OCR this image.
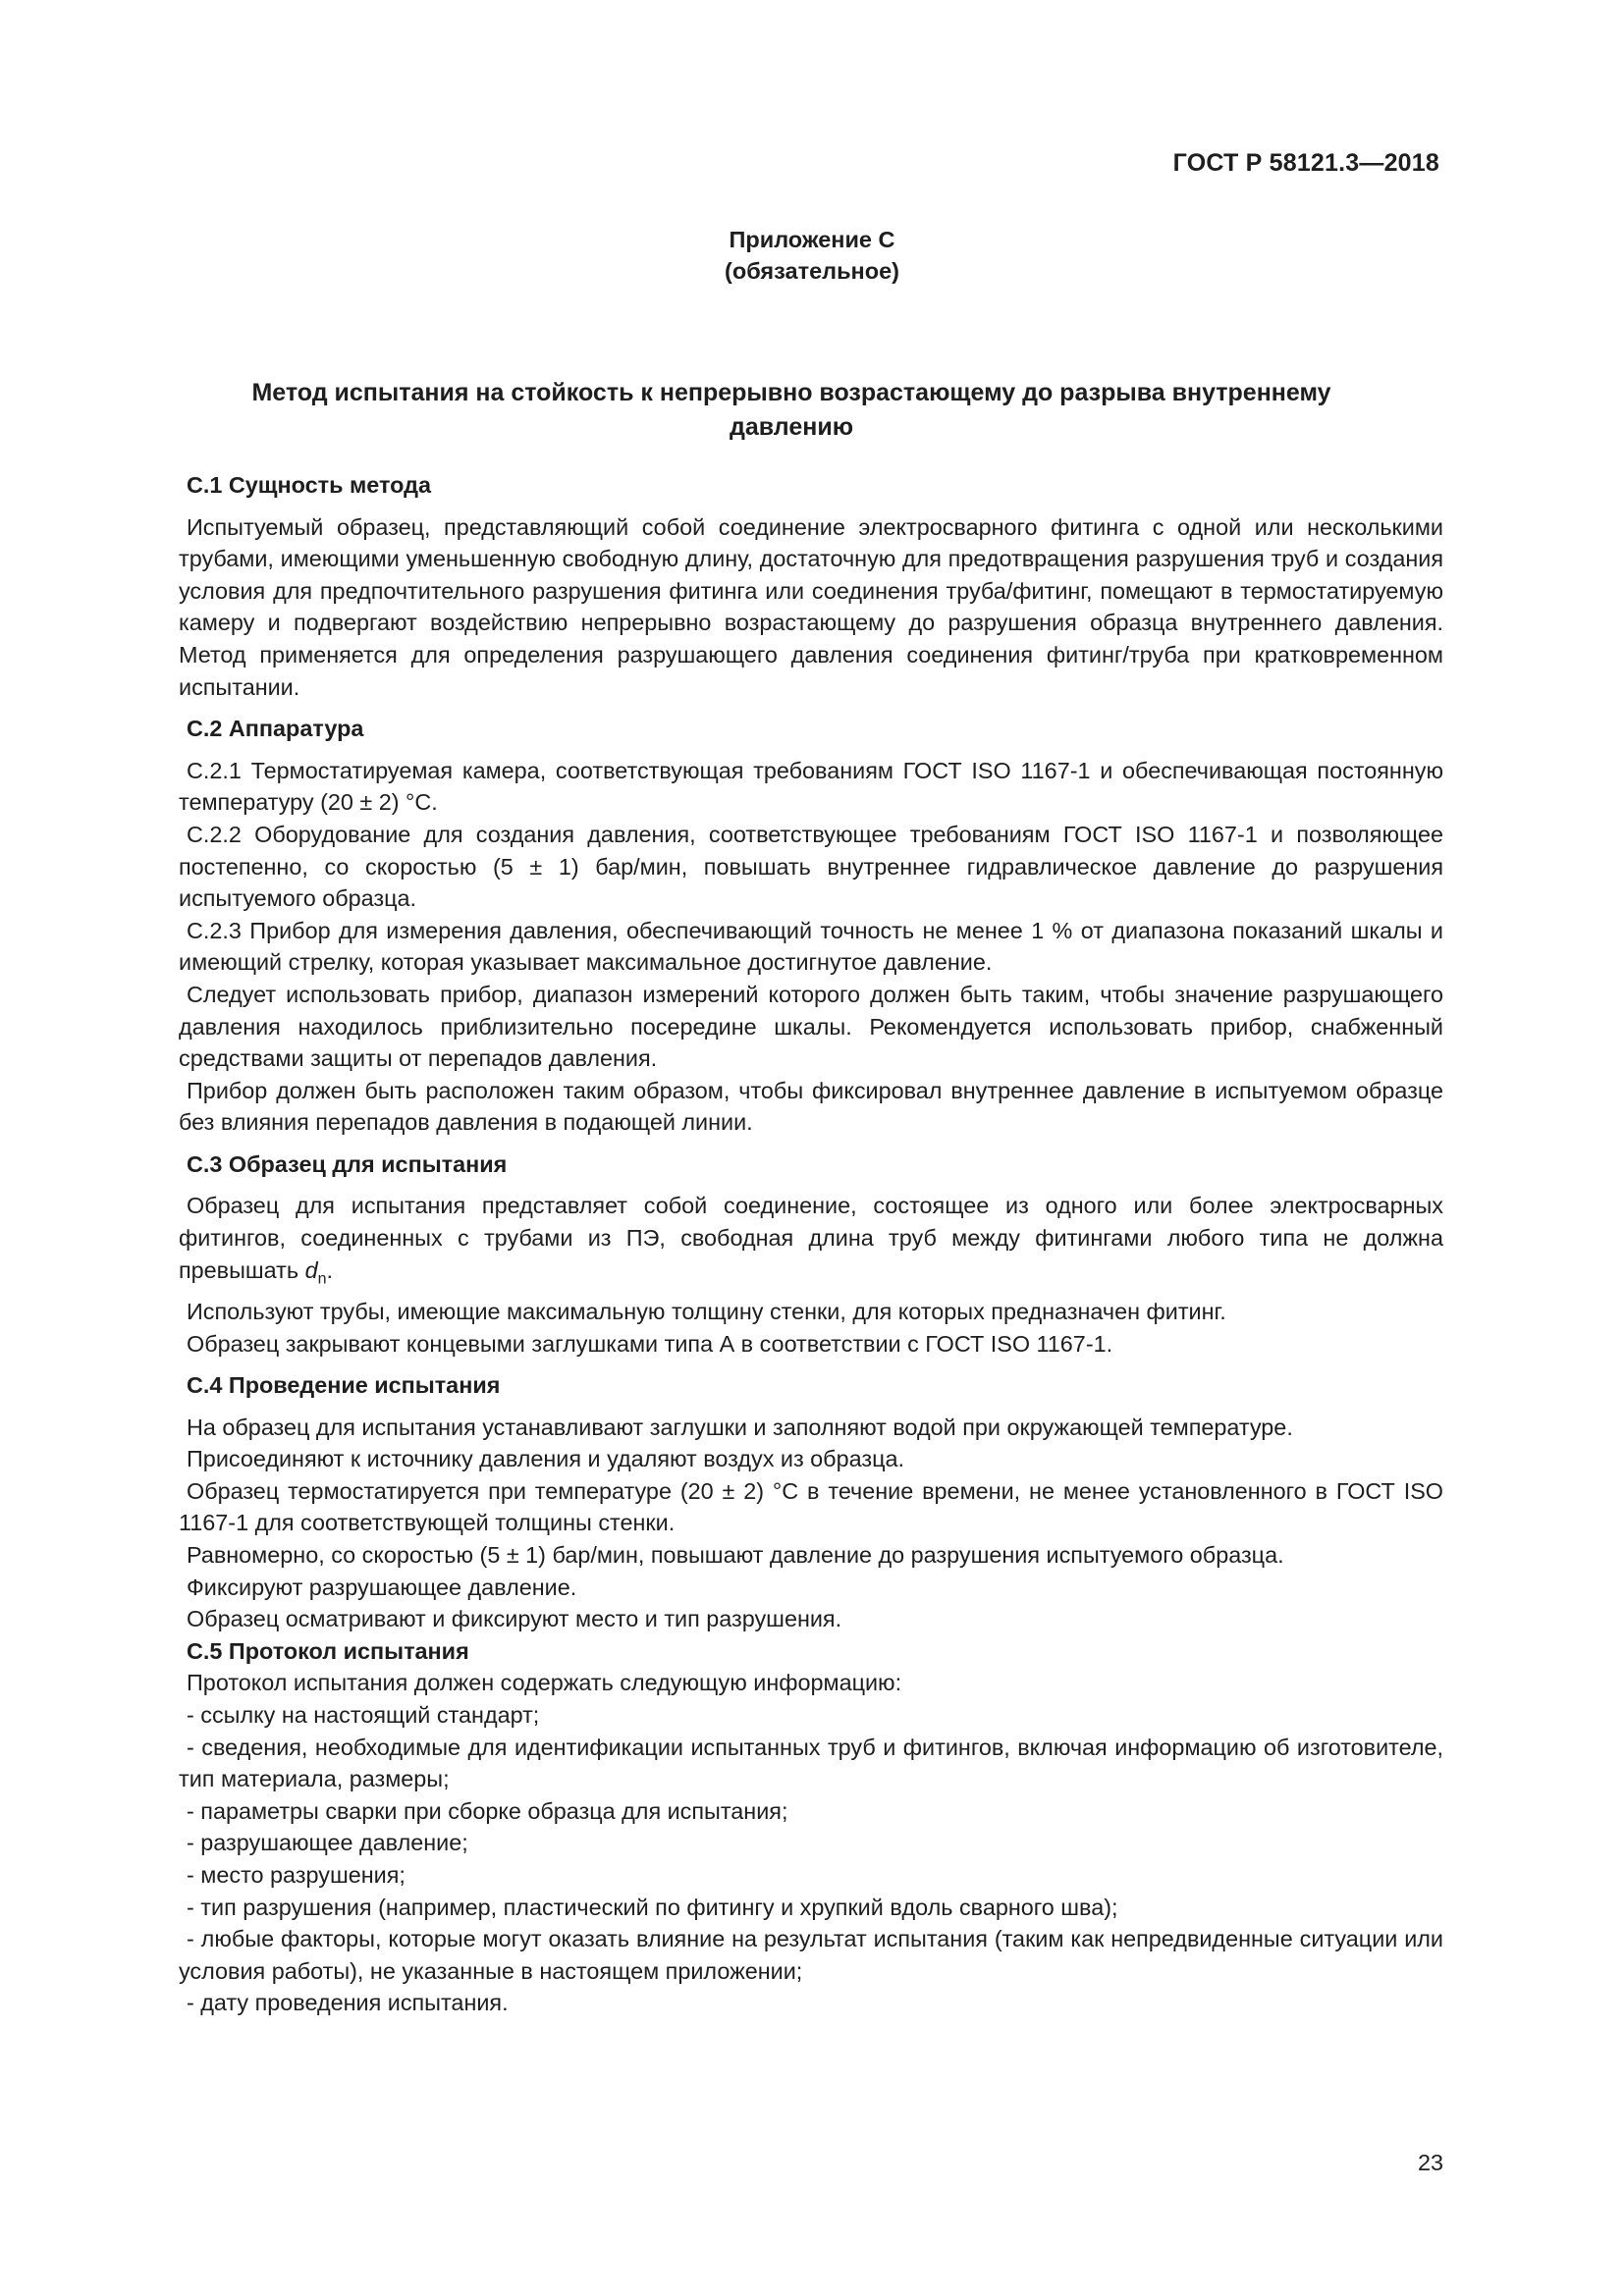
ГОСТ Р 58121.3—2018
Приложение С
(обязательное)
Метод испытания на стойкость к непрерывно возрастающему до разрыва внутреннему
давлению
С.1 Сущность метода

Испытуемый образец, представляющий собой соединение электросварного фитинга с одной или несколькими трубами, имеющими уменьшенную свободную длину, достаточную для предотвращения разрушения труб и создания условия для предпочтительного разрушения фитинга или соединения труба/фитинг, помещают в термостатируемую камеру и подвергают воздействию непрерывно возрастающему до разрушения образца внутреннего давления. Метод применяется для определения разрушающего давления соединения фитинг/труба при кратковременном испытании.

С.2 Аппаратура

С.2.1 Термостатируемая камера, соответствующая требованиям ГОСТ ISO 1167-1 и обеспечивающая постоянную температуру (20 ± 2) °С.

С.2.2 Оборудование для создания давления, соответствующее требованиям ГОСТ ISO 1167-1 и позволяющее постепенно, со скоростью (5 ± 1) бар/мин, повышать внутреннее гидравлическое давление до разрушения испытуемого образца.

С.2.3 Прибор для измерения давления, обеспечивающий точность не менее 1 % от диапазона показаний шкалы и имеющий стрелку, которая указывает максимальное достигнутое давление.

Следует использовать прибор, диапазон измерений которого должен быть таким, чтобы значение разрушающего давления находилось приблизительно посередине шкалы. Рекомендуется использовать прибор, снабженный средствами защиты от перепадов давления.

Прибор должен быть расположен таким образом, чтобы фиксировал внутреннее давление в испытуемом образце без влияния перепадов давления в подающей линии.

С.3 Образец для испытания

Образец для испытания представляет собой соединение, состоящее из одного или более электросварных фитингов, соединенных с трубами из ПЭ, свободная длина труб между фитингами любого типа не должна превышать $d_n$.

Используют трубы, имеющие максимальную толщину стенки, для которых предназначен фитинг.

Образец закрывают концевыми заглушками типа А в соответствии с ГОСТ ISO 1167-1.

С.4 Проведение испытания

На образец для испытания устанавливают заглушки и заполняют водой при окружающей температуре.

Присоединяют к источнику давления и удаляют воздух из образца.

Образец термостатируется при температуре (20 ± 2) °С в течение времени, не менее установленного в ГОСТ ISO 1167-1 для соответствующей толщины стенки.

Равномерно, со скоростью (5 ± 1) бар/мин, повышают давление до разрушения испытуемого образца.

Фиксируют разрушающее давление.

Образец осматривают и фиксируют место и тип разрушения.

С.5 Протокол испытания

Протокол испытания должен содержать следующую информацию:

- ссылку на настоящий стандарт;

- сведения, необходимые для идентификации испытанных труб и фитингов, включая информацию об изготовителе, тип материала, размеры;

- параметры сварки при сборке образца для испытания;

- разрушающее давление;

- место разрушения;

- тип разрушения (например, пластический по фитингу и хрупкий вдоль сварного шва);

- любые факторы, которые могут оказать влияние на результат испытания (таким как непредвиденные ситуации или условия работы), не указанные в настоящем приложении;

- дату проведения испытания.

23
